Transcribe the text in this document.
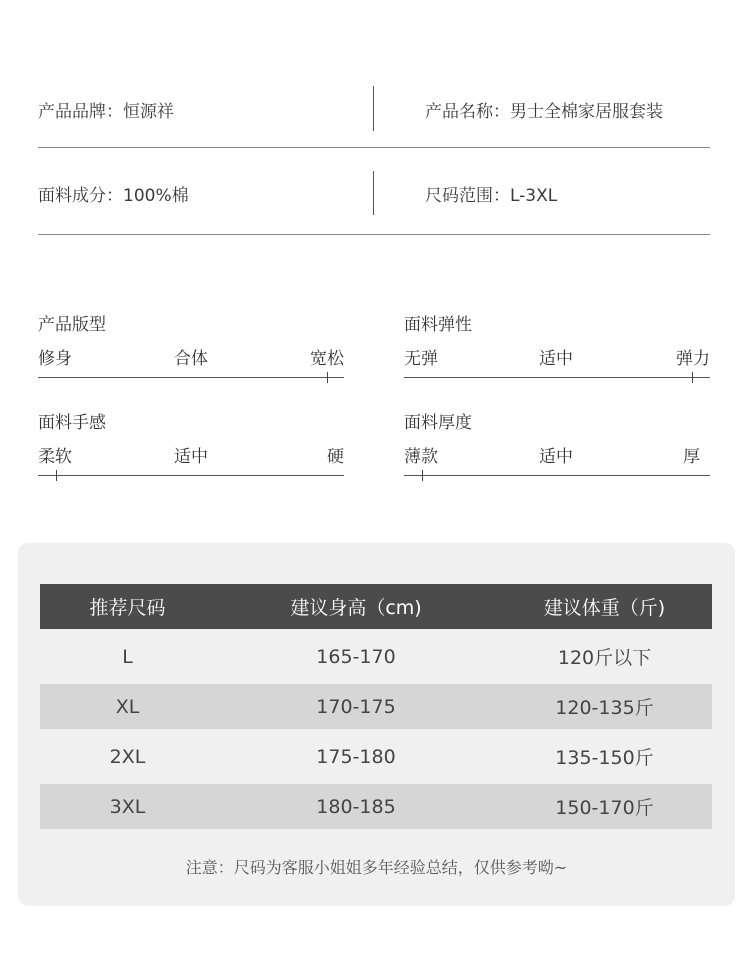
产品品牌：恒源祥	产品名称：男士全棉家居服套装
面料成分：100%棉	尺码范围：L-3XL
产品版型
修身	合体	宽松
面料弹性
无弹	适中	弹力
面料手感
柔软	适中	硬
面料厚度
薄款	适中	厚
推荐尺码	建议身高（cm)	建议体重（斤)
L	165-170	120斤以下
XL	170-175	120-135斤
2XL	175-180	135-150斤
3XL	180-185	150-170斤
注意：尺码为客服小姐姐多年经验总结，仅供参考呦~
